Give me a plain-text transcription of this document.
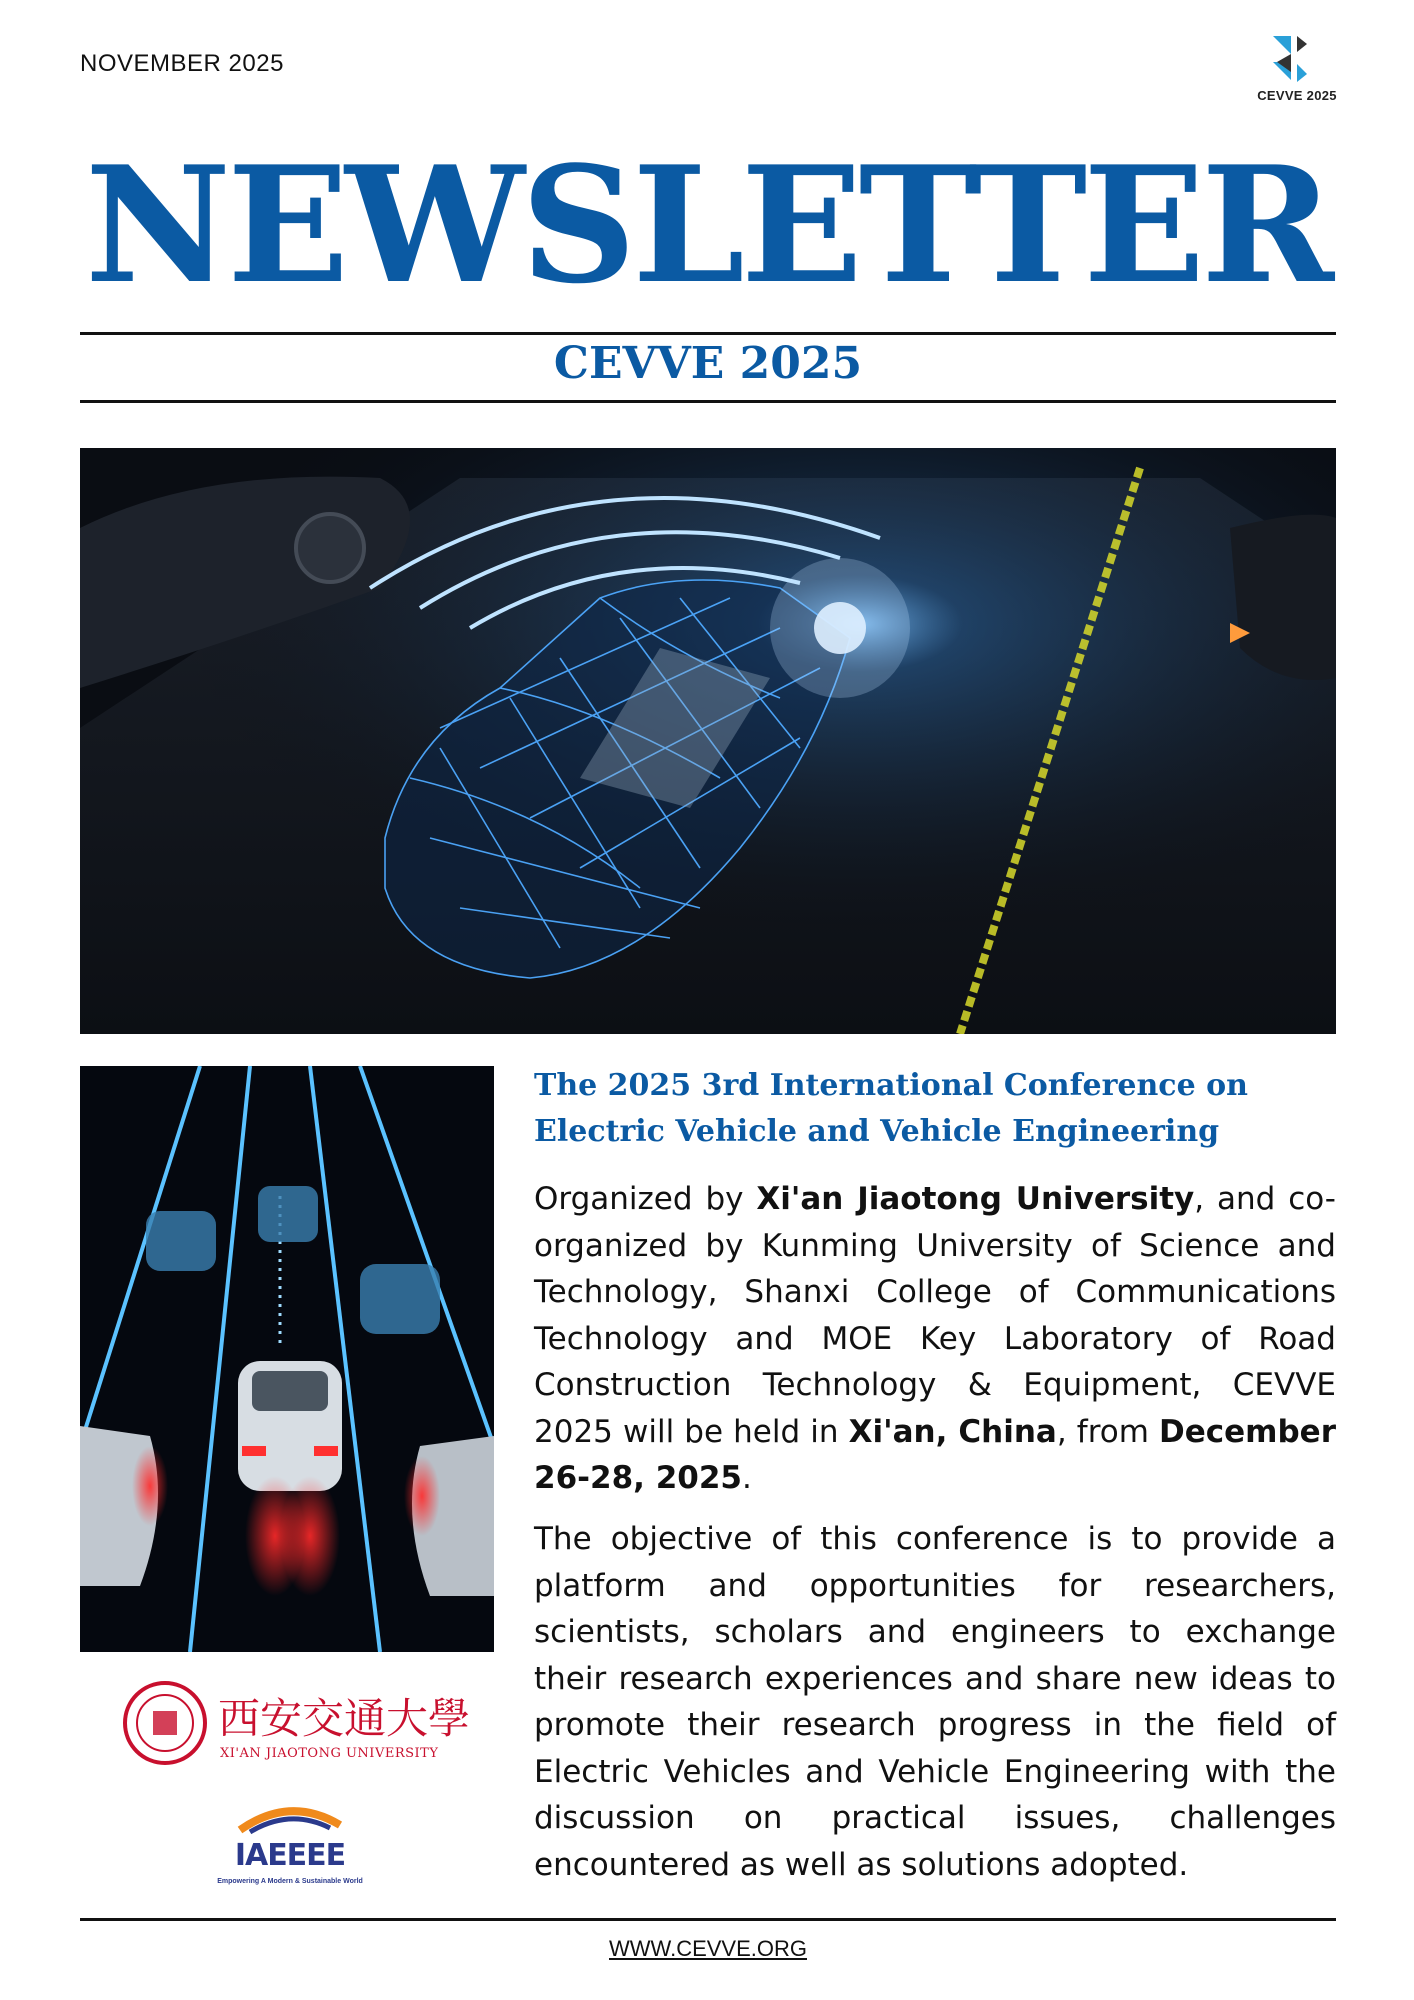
NOVEMBER 2025
CEVVE 2025
NEWSLETTER
CEVVE 2025
西安交通大學
XI'AN JIAOTONG UNIVERSITY
IAEEEE
Empowering A Modern & Sustainable World
The 2025 3rd International Conference on
Electric Vehicle and Vehicle Engineering

Organized by Xi'an Jiaotong University, and co-organized by Kunming University of Science and Technology, Shanxi College of Communications Technology and MOE Key Laboratory of Road Construction Technology & Equipment, CEVVE 2025 will be held in Xi'an, China, from December 26-28, 2025.

The objective of this conference is to provide a platform and opportunities for researchers, scientists, scholars and engineers to exchange their research experiences and share new ideas to promote their research progress in the field of Electric Vehicles and Vehicle Engineering with the discussion on practical issues, challenges encountered as well as solutions adopted.

WWW.CEVVE.ORG
